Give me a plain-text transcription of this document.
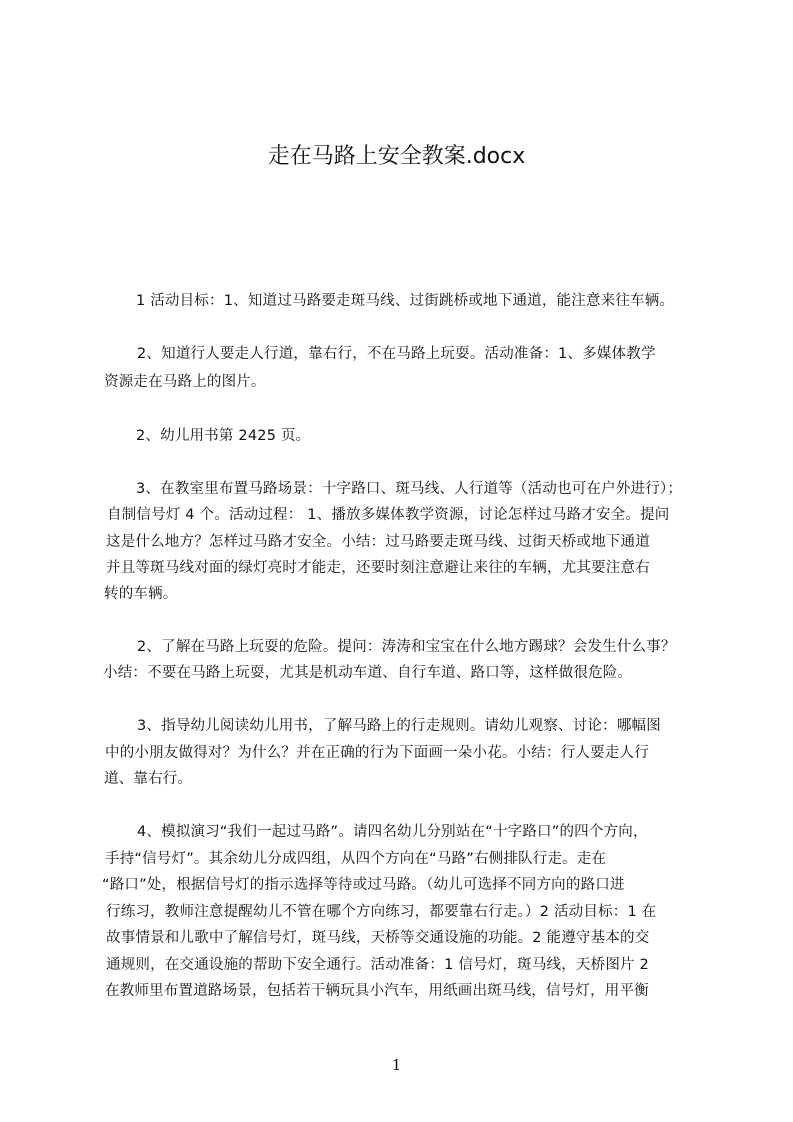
走在马路上安全教案.docx
1 活动目标：1、知道过马路要走斑马线、过街跳桥或地下通道，能注意来往车辆。
2、知道行人要走人行道，靠右行，不在马路上玩耍。活动准备：1、多媒体教学
资源走在马路上的图片。
2、幼儿用书第 2425 页。
3、在教室里布置马路场景：十字路口、斑马线、人行道等（活动也可在户外进行）；
自制信号灯 4 个。活动过程： 1、播放多媒体教学资源，讨论怎样过马路才安全。提问
这是什么地方？怎样过马路才安全。小结：过马路要走斑马线、过街天桥或地下通道
并且等斑马线对面的绿灯亮时才能走，还要时刻注意避让来往的车辆，尤其要注意右
转的车辆。
2、了解在马路上玩耍的危险。提问：涛涛和宝宝在什么地方踢球？会发生什么事？
小结：不要在马路上玩耍，尤其是机动车道、自行车道、路口等，这样做很危险。
3、指导幼儿阅读幼儿用书，了解马路上的行走规则。请幼儿观察、讨论：哪幅图
中的小朋友做得对？为什么？并在正确的行为下面画一朵小花。小结：行人要走人行
道、靠右行。
4、模拟演习“我们一起过马路”。请四名幼儿分别站在“十字路口”的四个方向，
手持“信号灯”。其余幼儿分成四组，从四个方向在“马路”右侧排队行走。走在
“路口”处，根据信号灯的指示选择等待或过马路。（幼儿可选择不同方向的路口进
行练习，教师注意提醒幼儿不管在哪个方向练习，都要靠右行走。）2 活动目标：1 在
故事情景和儿歌中了解信号灯，斑马线，天桥等交通设施的功能。2 能遵守基本的交
通规则，在交通设施的帮助下安全通行。活动准备：1 信号灯，斑马线，天桥图片 2
在教师里布置道路场景，包括若干辆玩具小汽车，用纸画出斑马线，信号灯，用平衡
1
